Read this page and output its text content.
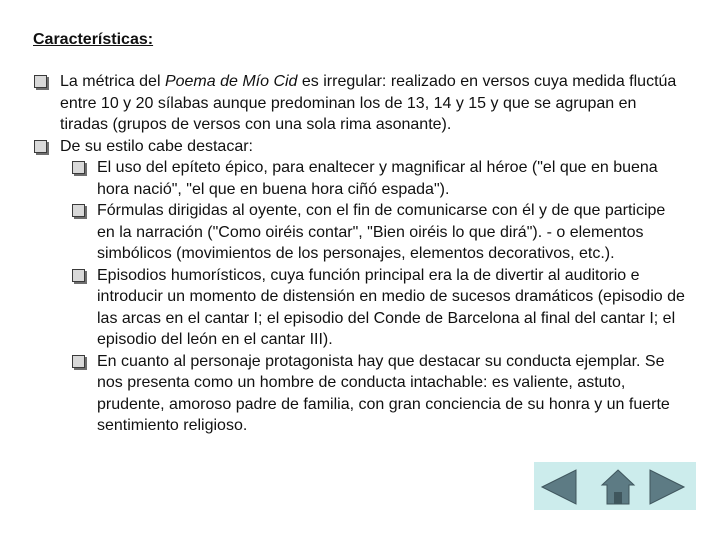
Características:
La métrica del Poema de Mío Cid es irregular: realizado en versos cuya medida fluctúa entre 10 y 20 sílabas aunque predominan los de 13, 14 y 15 y que se agrupan en tiradas (grupos de versos con una sola rima asonante).
De su estilo cabe destacar:
El uso del epíteto épico, para enaltecer y magnificar al héroe ("el que en buena hora nació", "el que en buena hora ciñó espada").
Fórmulas dirigidas al oyente, con el fin de comunicarse con él y de que participe en la narración ("Como oiréis contar", "Bien oiréis lo que dirá"). - o elementos simbólicos (movimientos de los personajes, elementos decorativos, etc.).
Episodios humorísticos, cuya función principal era la de divertir al auditorio e introducir un momento de distensión en medio de sucesos dramáticos (episodio de las arcas en el cantar I; el episodio del Conde de Barcelona al final del cantar I; el episodio del león en el cantar III).
En cuanto al personaje protagonista hay que destacar su conducta ejemplar. Se nos presenta como un hombre de conducta intachable: es valiente, astuto, prudente, amoroso padre de familia, con gran conciencia de su honra y un fuerte sentimiento religioso.
